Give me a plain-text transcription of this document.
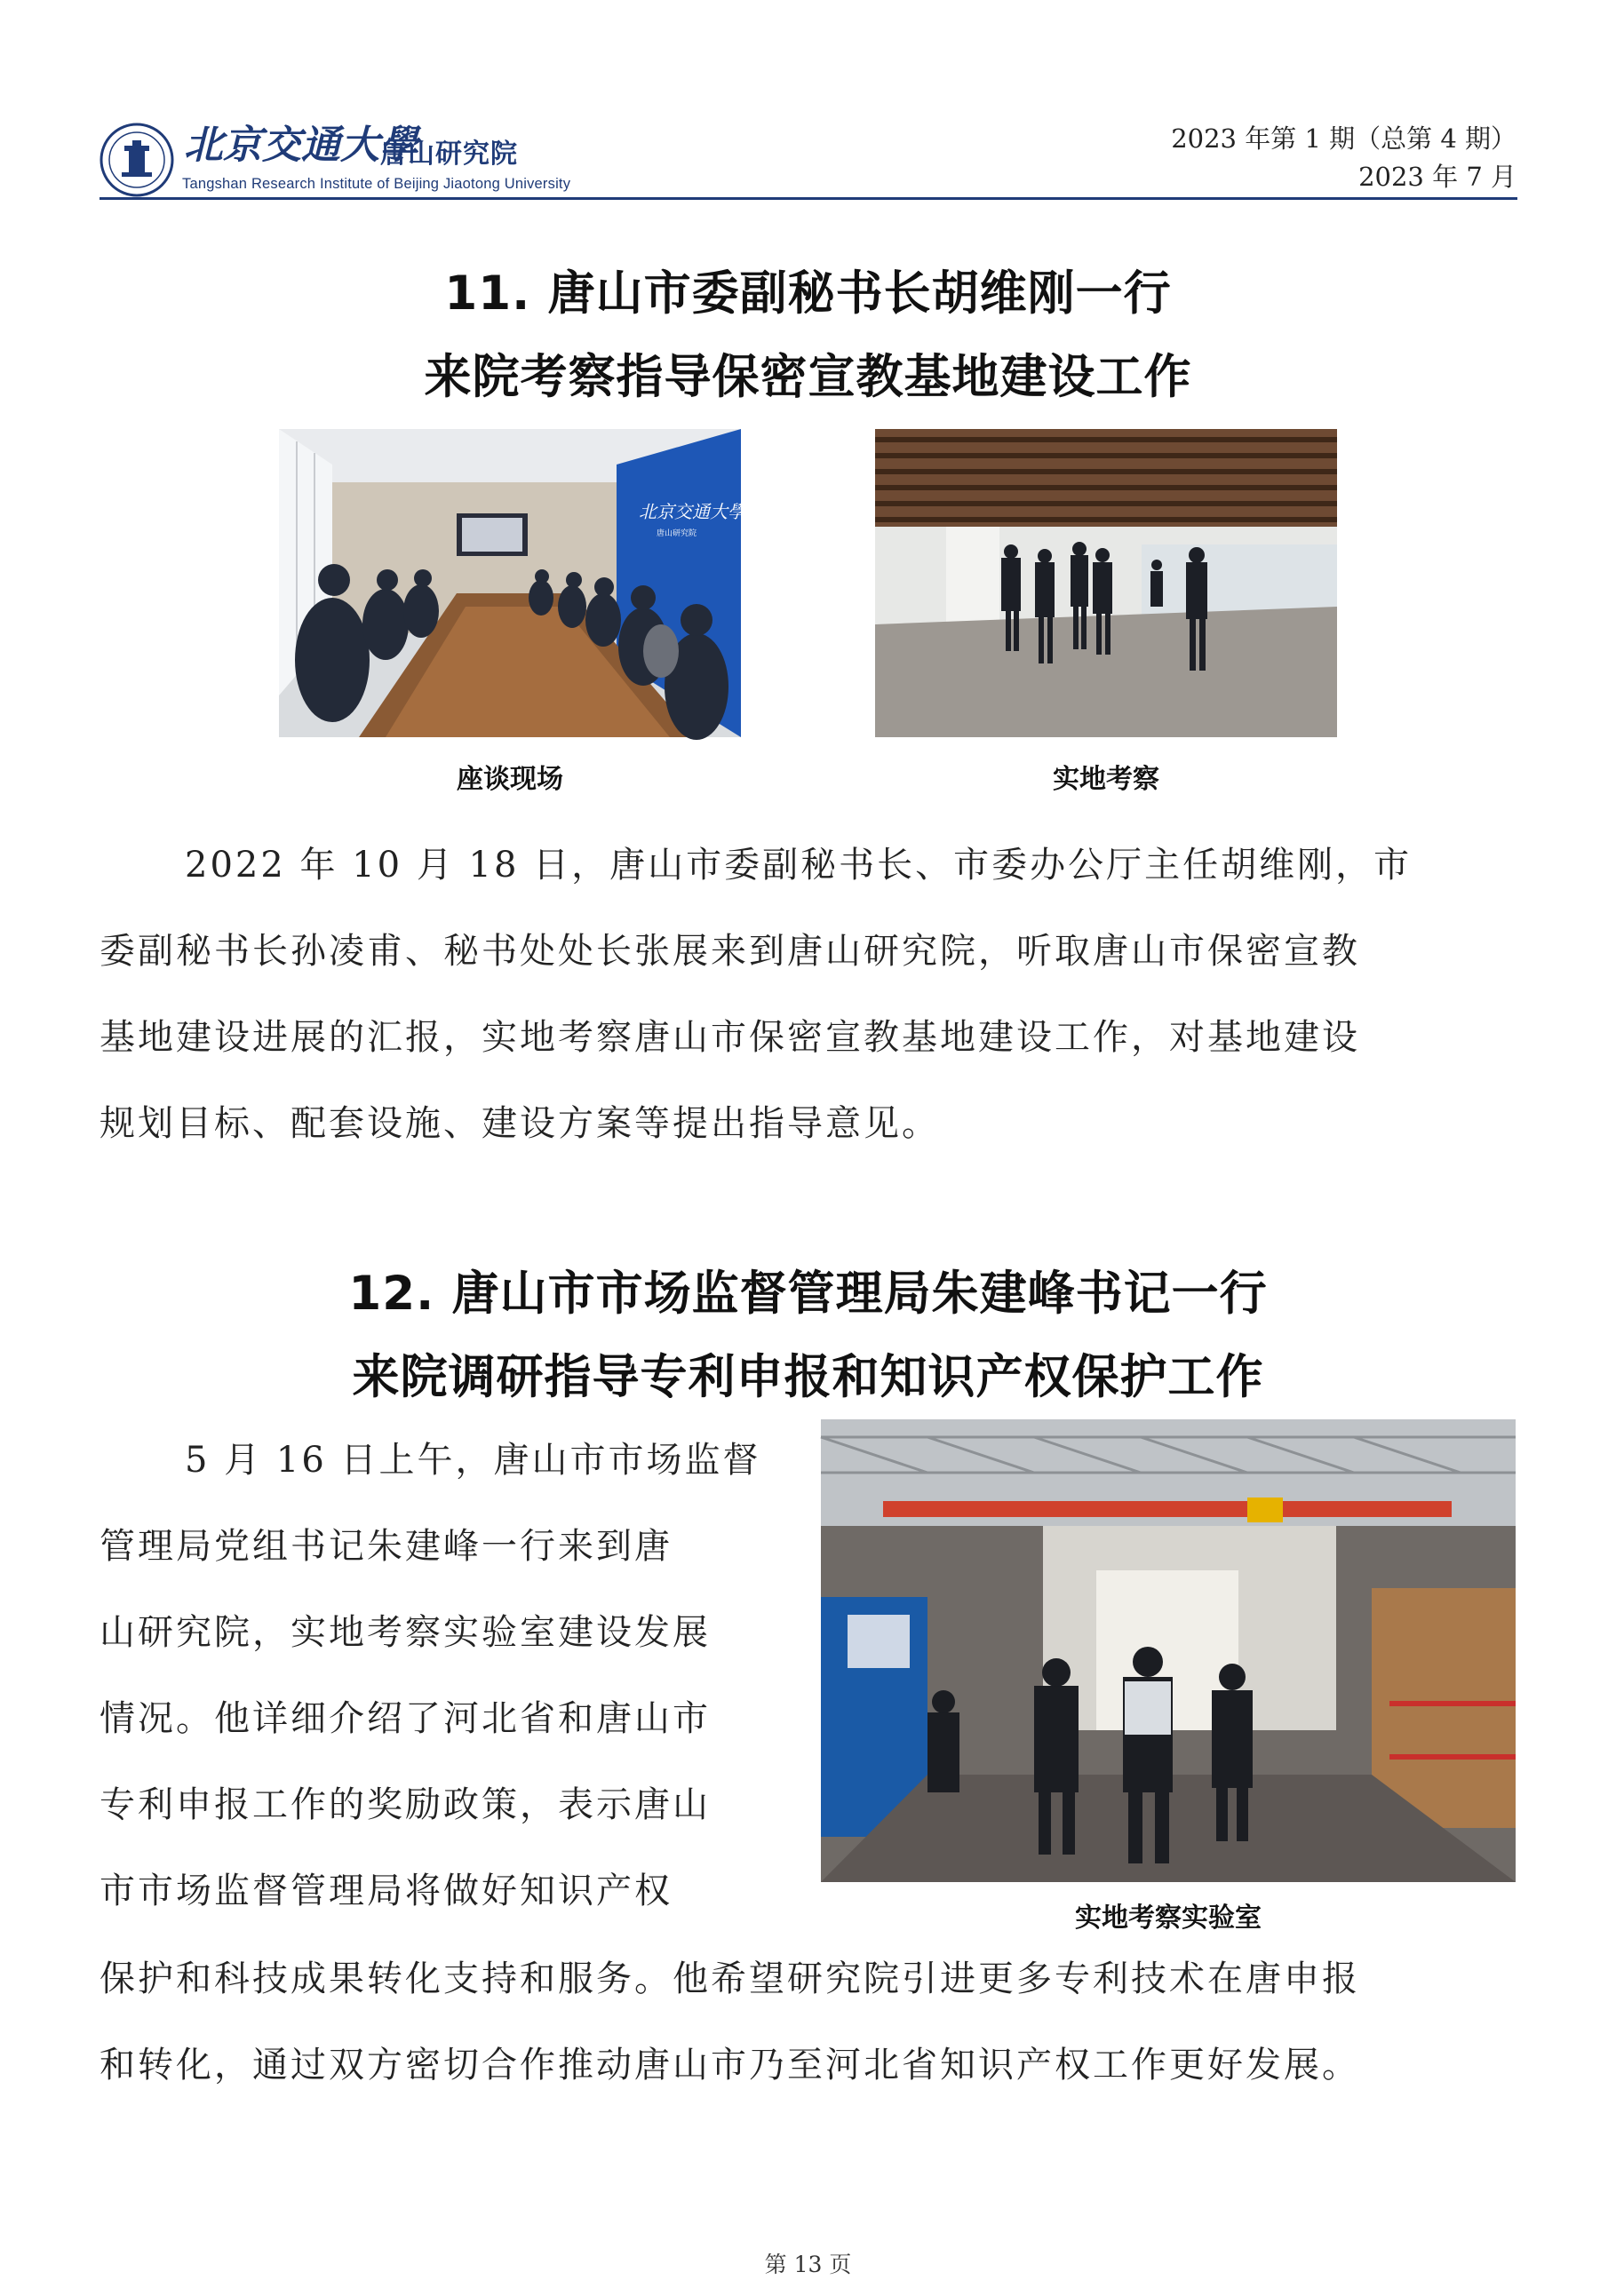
北京交通大學
唐山研究院
Tangshan Research Institute of Beijing Jiaotong University
2023 年第 1 期（总第 4 期）
2023 年 7 月
11. 唐山市委副秘书长胡维刚一行
来院考察指导保密宣教基地建设工作
北京交通大學
唐山研究院
座谈现场	实地考察
2022 年 10 月 18 日，唐山市委副秘书长、市委办公厅主任胡维刚，市
委副秘书长孙凌甫、秘书处处长张展来到唐山研究院，听取唐山市保密宣教
基地建设进展的汇报，实地考察唐山市保密宣教基地建设工作，对基地建设
规划目标、配套设施、建设方案等提出指导意见。
12. 唐山市市场监督管理局朱建峰书记一行
来院调研指导专利申报和知识产权保护工作
5 月 16 日上午，唐山市市场监督
管理局党组书记朱建峰一行来到唐
山研究院，实地考察实验室建设发展
情况。他详细介绍了河北省和唐山市
专利申报工作的奖励政策，表示唐山
市市场监督管理局将做好知识产权
实地考察实验室
保护和科技成果转化支持和服务。他希望研究院引进更多专利技术在唐申报
和转化，通过双方密切合作推动唐山市乃至河北省知识产权工作更好发展。
第 13 页
